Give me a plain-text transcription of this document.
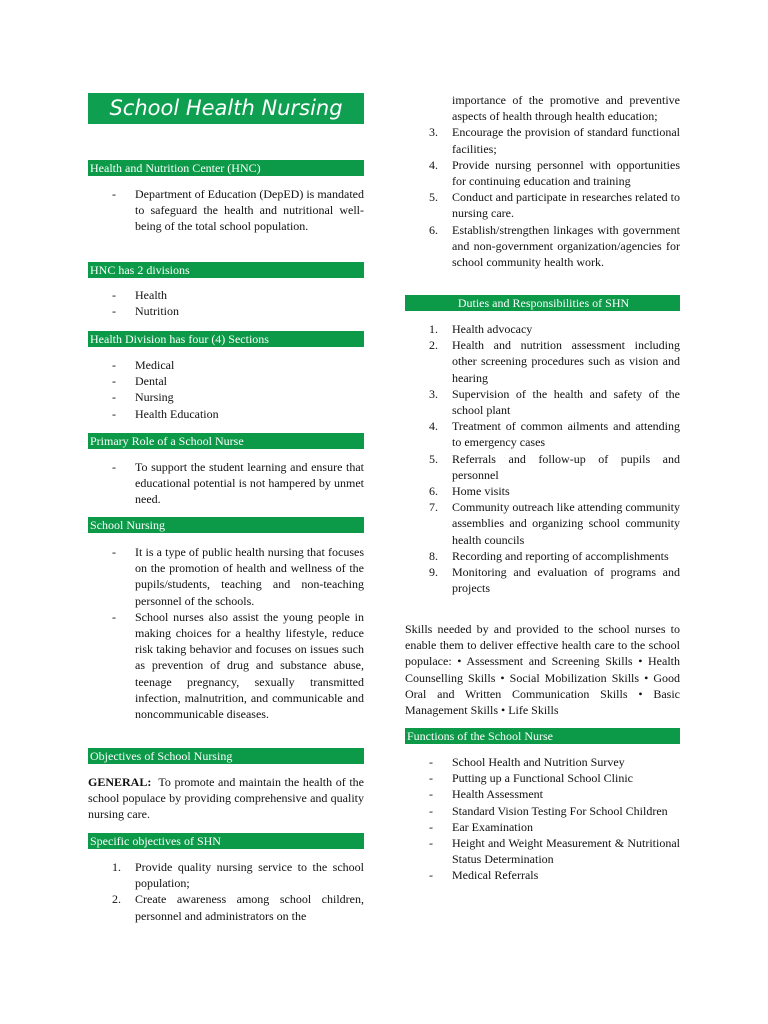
School Health Nursing
Health and Nutrition Center (HNC)
- Department of Education (DepED) is mandated to safeguard the health and nutritional well-being of the total school population.
HNC has 2 divisions
- Health
- Nutrition
Health Division has four (4) Sections
- Medical
- Dental
- Nursing
- Health Education
Primary Role of a School Nurse
- To support the student learning and ensure that educational potential is not hampered by unmet need.
School Nursing
- It is a type of public health nursing that focuses on the promotion of health and wellness of the pupils/students, teaching and non-teaching personnel of the schools.
- School nurses also assist the young people in making choices for a healthy lifestyle, reduce risk taking behavior and focuses on issues such as prevention of drug and substance abuse, teenage pregnancy, sexually transmitted infection, malnutrition, and communicable and noncommunicable diseases.
Objectives of School Nursing

GENERAL: To promote and maintain the health of the school populace by providing comprehensive and quality nursing care.

Specific objectives of SHN
1. Provide quality nursing service to the school population;
2. Create awareness among school children, personnel and administrators on the
importance of the promotive and preventive aspects of health through health education;
3. Encourage the provision of standard functional facilities;
4. Provide nursing personnel with opportunities for continuing education and training
5. Conduct and participate in researches related to nursing care.
6. Establish/strengthen linkages with government and non-government organization/agencies for school community health work.
Duties and Responsibilities of SHN
1. Health advocacy
2. Health and nutrition assessment including other screening procedures such as vision and hearing
3. Supervision of the health and safety of the school plant
4. Treatment of common ailments and attending to emergency cases
5. Referrals and follow-up of pupils and personnel
6. Home visits
7. Community outreach like attending community assemblies and organizing school community health councils
8. Recording and reporting of accomplishments
9. Monitoring and evaluation of programs and projects

Skills needed by and provided to the school nurses to enable them to deliver effective health care to the school populace: • Assessment and Screening Skills • Health Counselling Skills • Social Mobilization Skills • Good Oral and Written Communication Skills • Basic Management Skills • Life Skills

Functions of the School Nurse
- School Health and Nutrition Survey
- Putting up a Functional School Clinic
- Health Assessment
- Standard Vision Testing For School Children
- Ear Examination
- Height and Weight Measurement & Nutritional Status Determination
- Medical Referrals
